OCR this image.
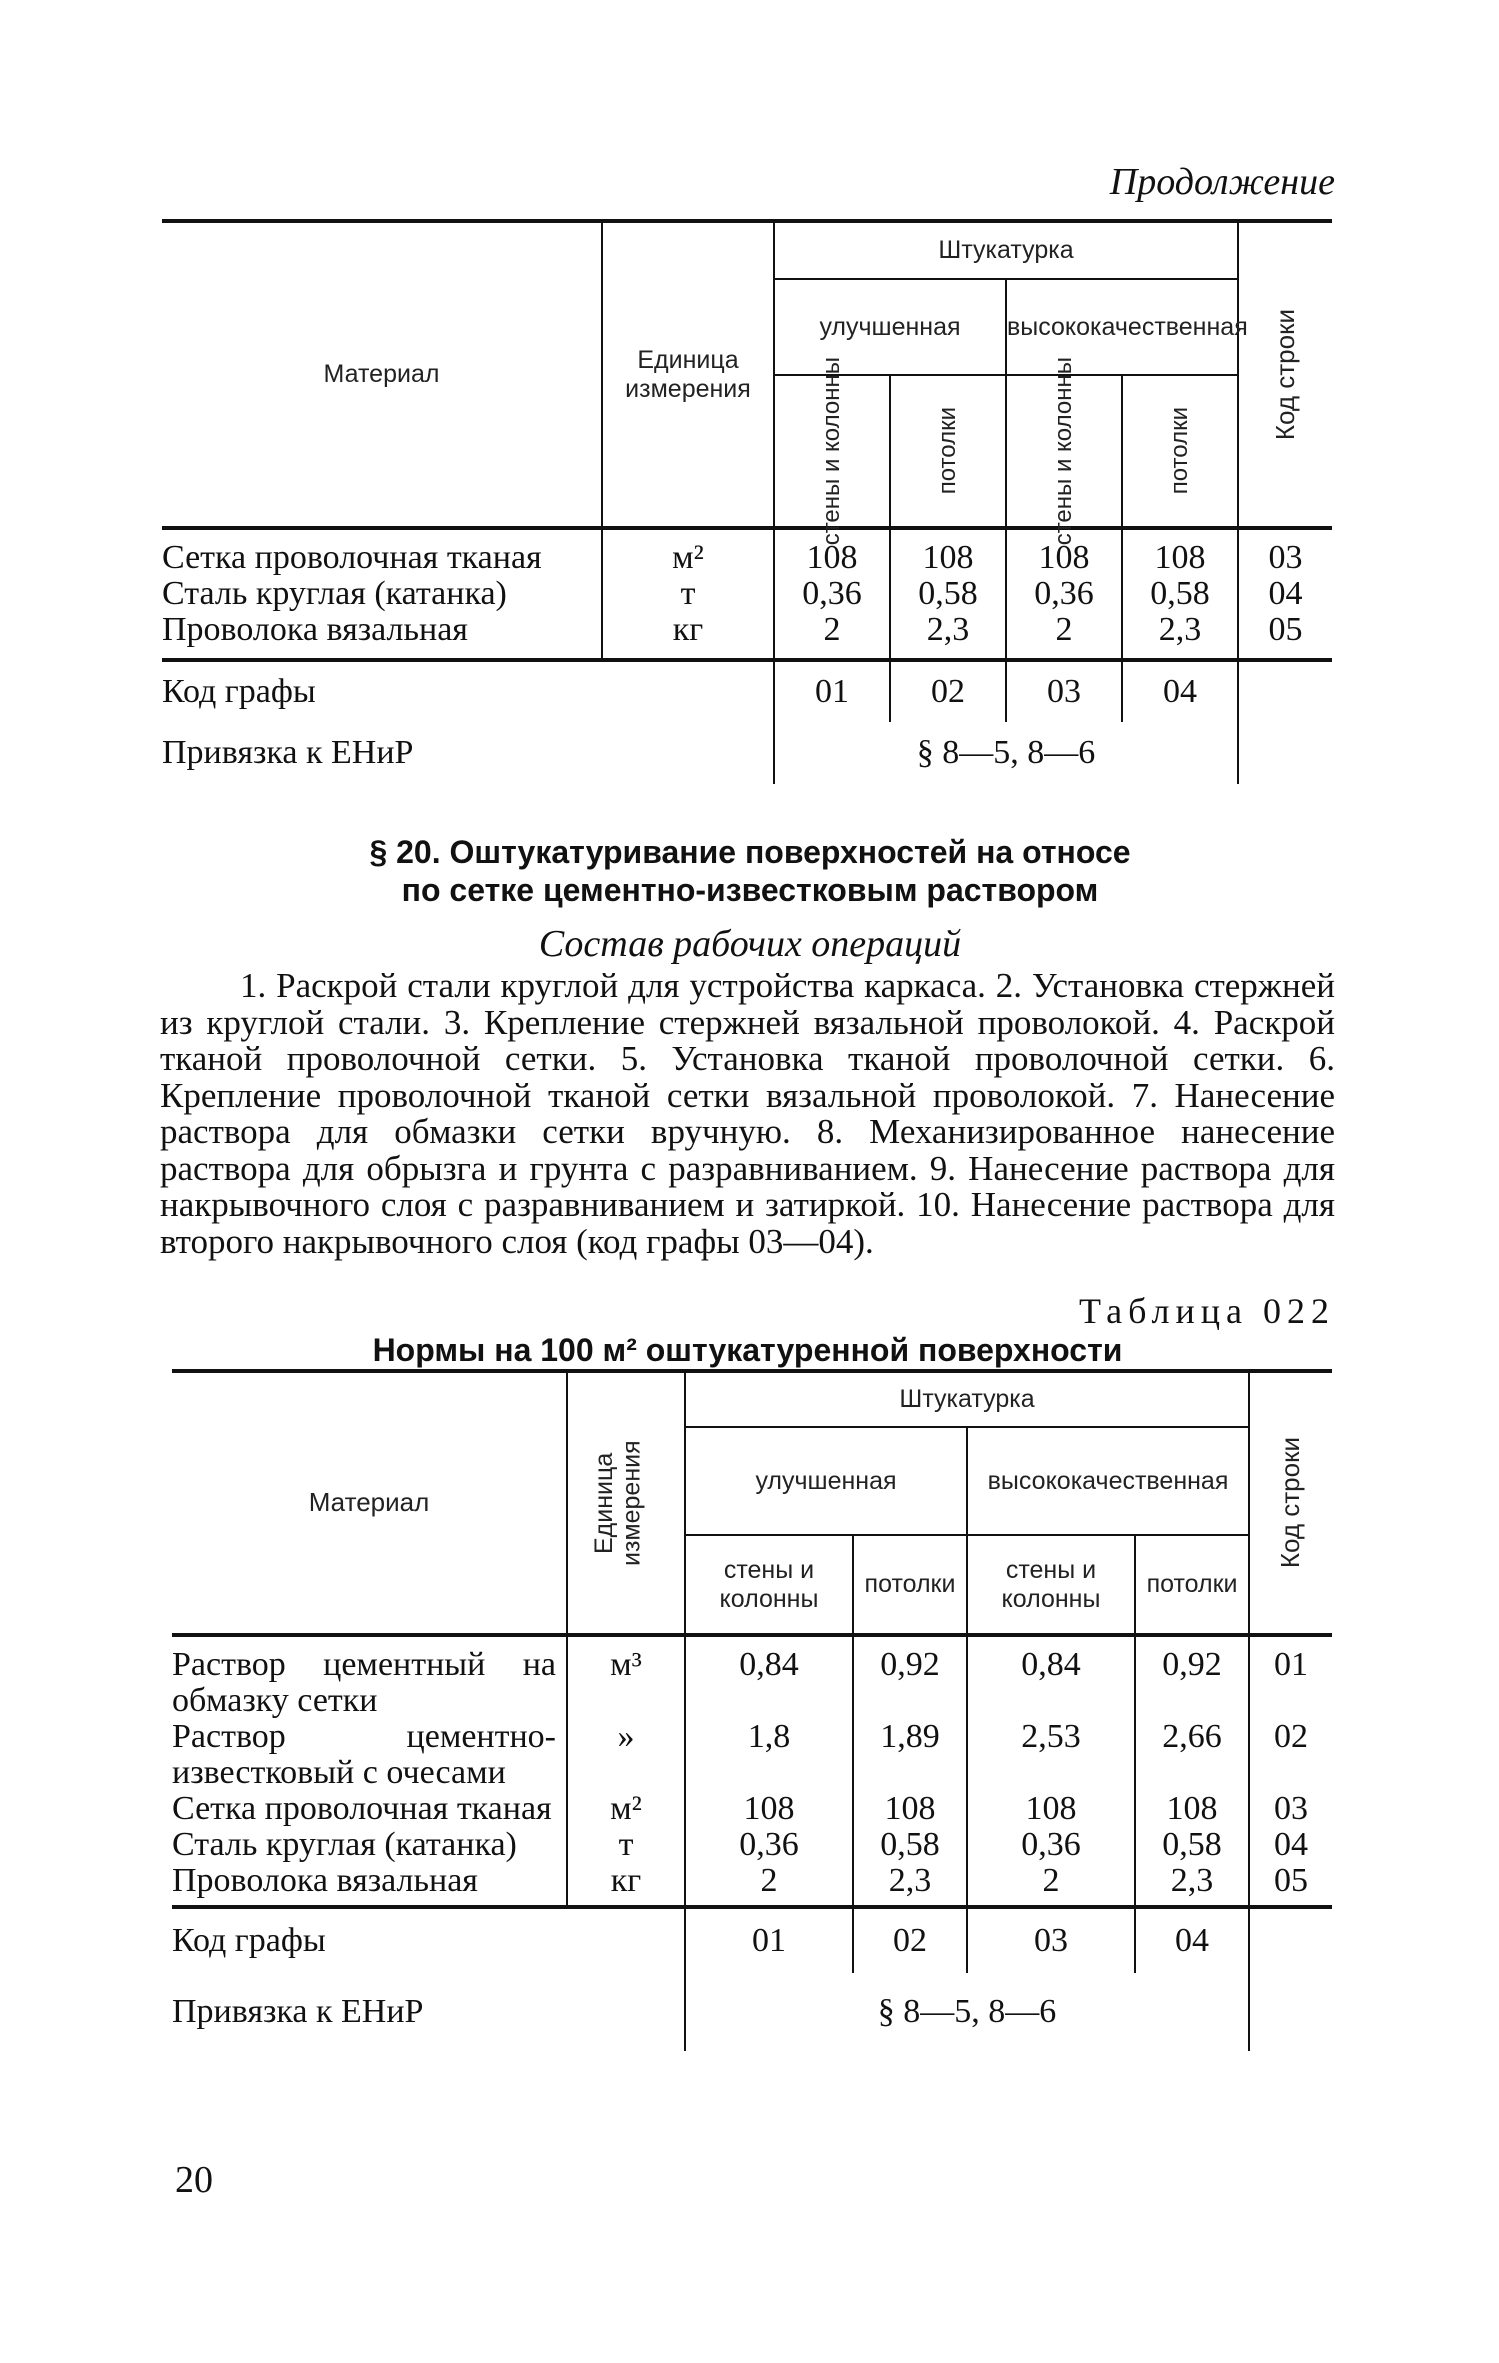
Продолжение
Материал	Единица измерения	Штукатурка				Код строки

		улучшенная		высококачественная		

		стены и колонны	потолки	стены и колонны	потолки	

Сетка проволочная тканая	м²	108	108	108	108	03
Сталь круглая (катанка)	т	0,36	0,58	0,36	0,58	04
Проволока вязальная	кг	2	2,3	2	2,3	05
Код графы		01	02	03	04	
Привязка к ЕНиР		§ 8—5, 8—6				
§ 20. Оштукатуривание поверхностей на относе
по сетке цементно-известковым раствором
Состав рабочих операций
1. Раскрой стали круглой для устройства каркаса. 2. Установка стержней из круглой стали. 3. Крепление стержней вязальной проволокой. 4. Раскрой тканой проволочной сетки. 5. Установка тканой проволочной сетки. 6. Крепление проволочной тканой сетки вязальной проволокой. 7. Нанесение раствора для обмазки сетки вручную. 8. Механизированное нанесение раствора для обрызга и грунта с разравниванием. 9. Нанесение раствора для накрывочного слоя с разравниванием и затиркой. 10. Нанесение раствора для второго накрывочного слоя (код графы 03—04).
Таблица 022
Нормы на 100 м² оштукатуренной поверхности
Материал	Единица измерения	Штукатурка				Код строки

		улучшенная		высококачественная		
		стены и колонны	потолки	стены и колонны	потолки	
Раствор цементный на обмазку сетки	м³	0,84	0,92	0,84	0,92	01
Раствор цементно-известковый с очесами	»	1,8	1,89	2,53	2,66	02
Сетка проволочная тканая	м²	108	108	108	108	03
Сталь круглая (катанка)	т	0,36	0,58	0,36	0,58	04
Проволока вязальная	кг	2	2,3	2	2,3	05
Код графы		01	02	03	04	
Привязка к ЕНиР		§ 8—5, 8—6				
20
